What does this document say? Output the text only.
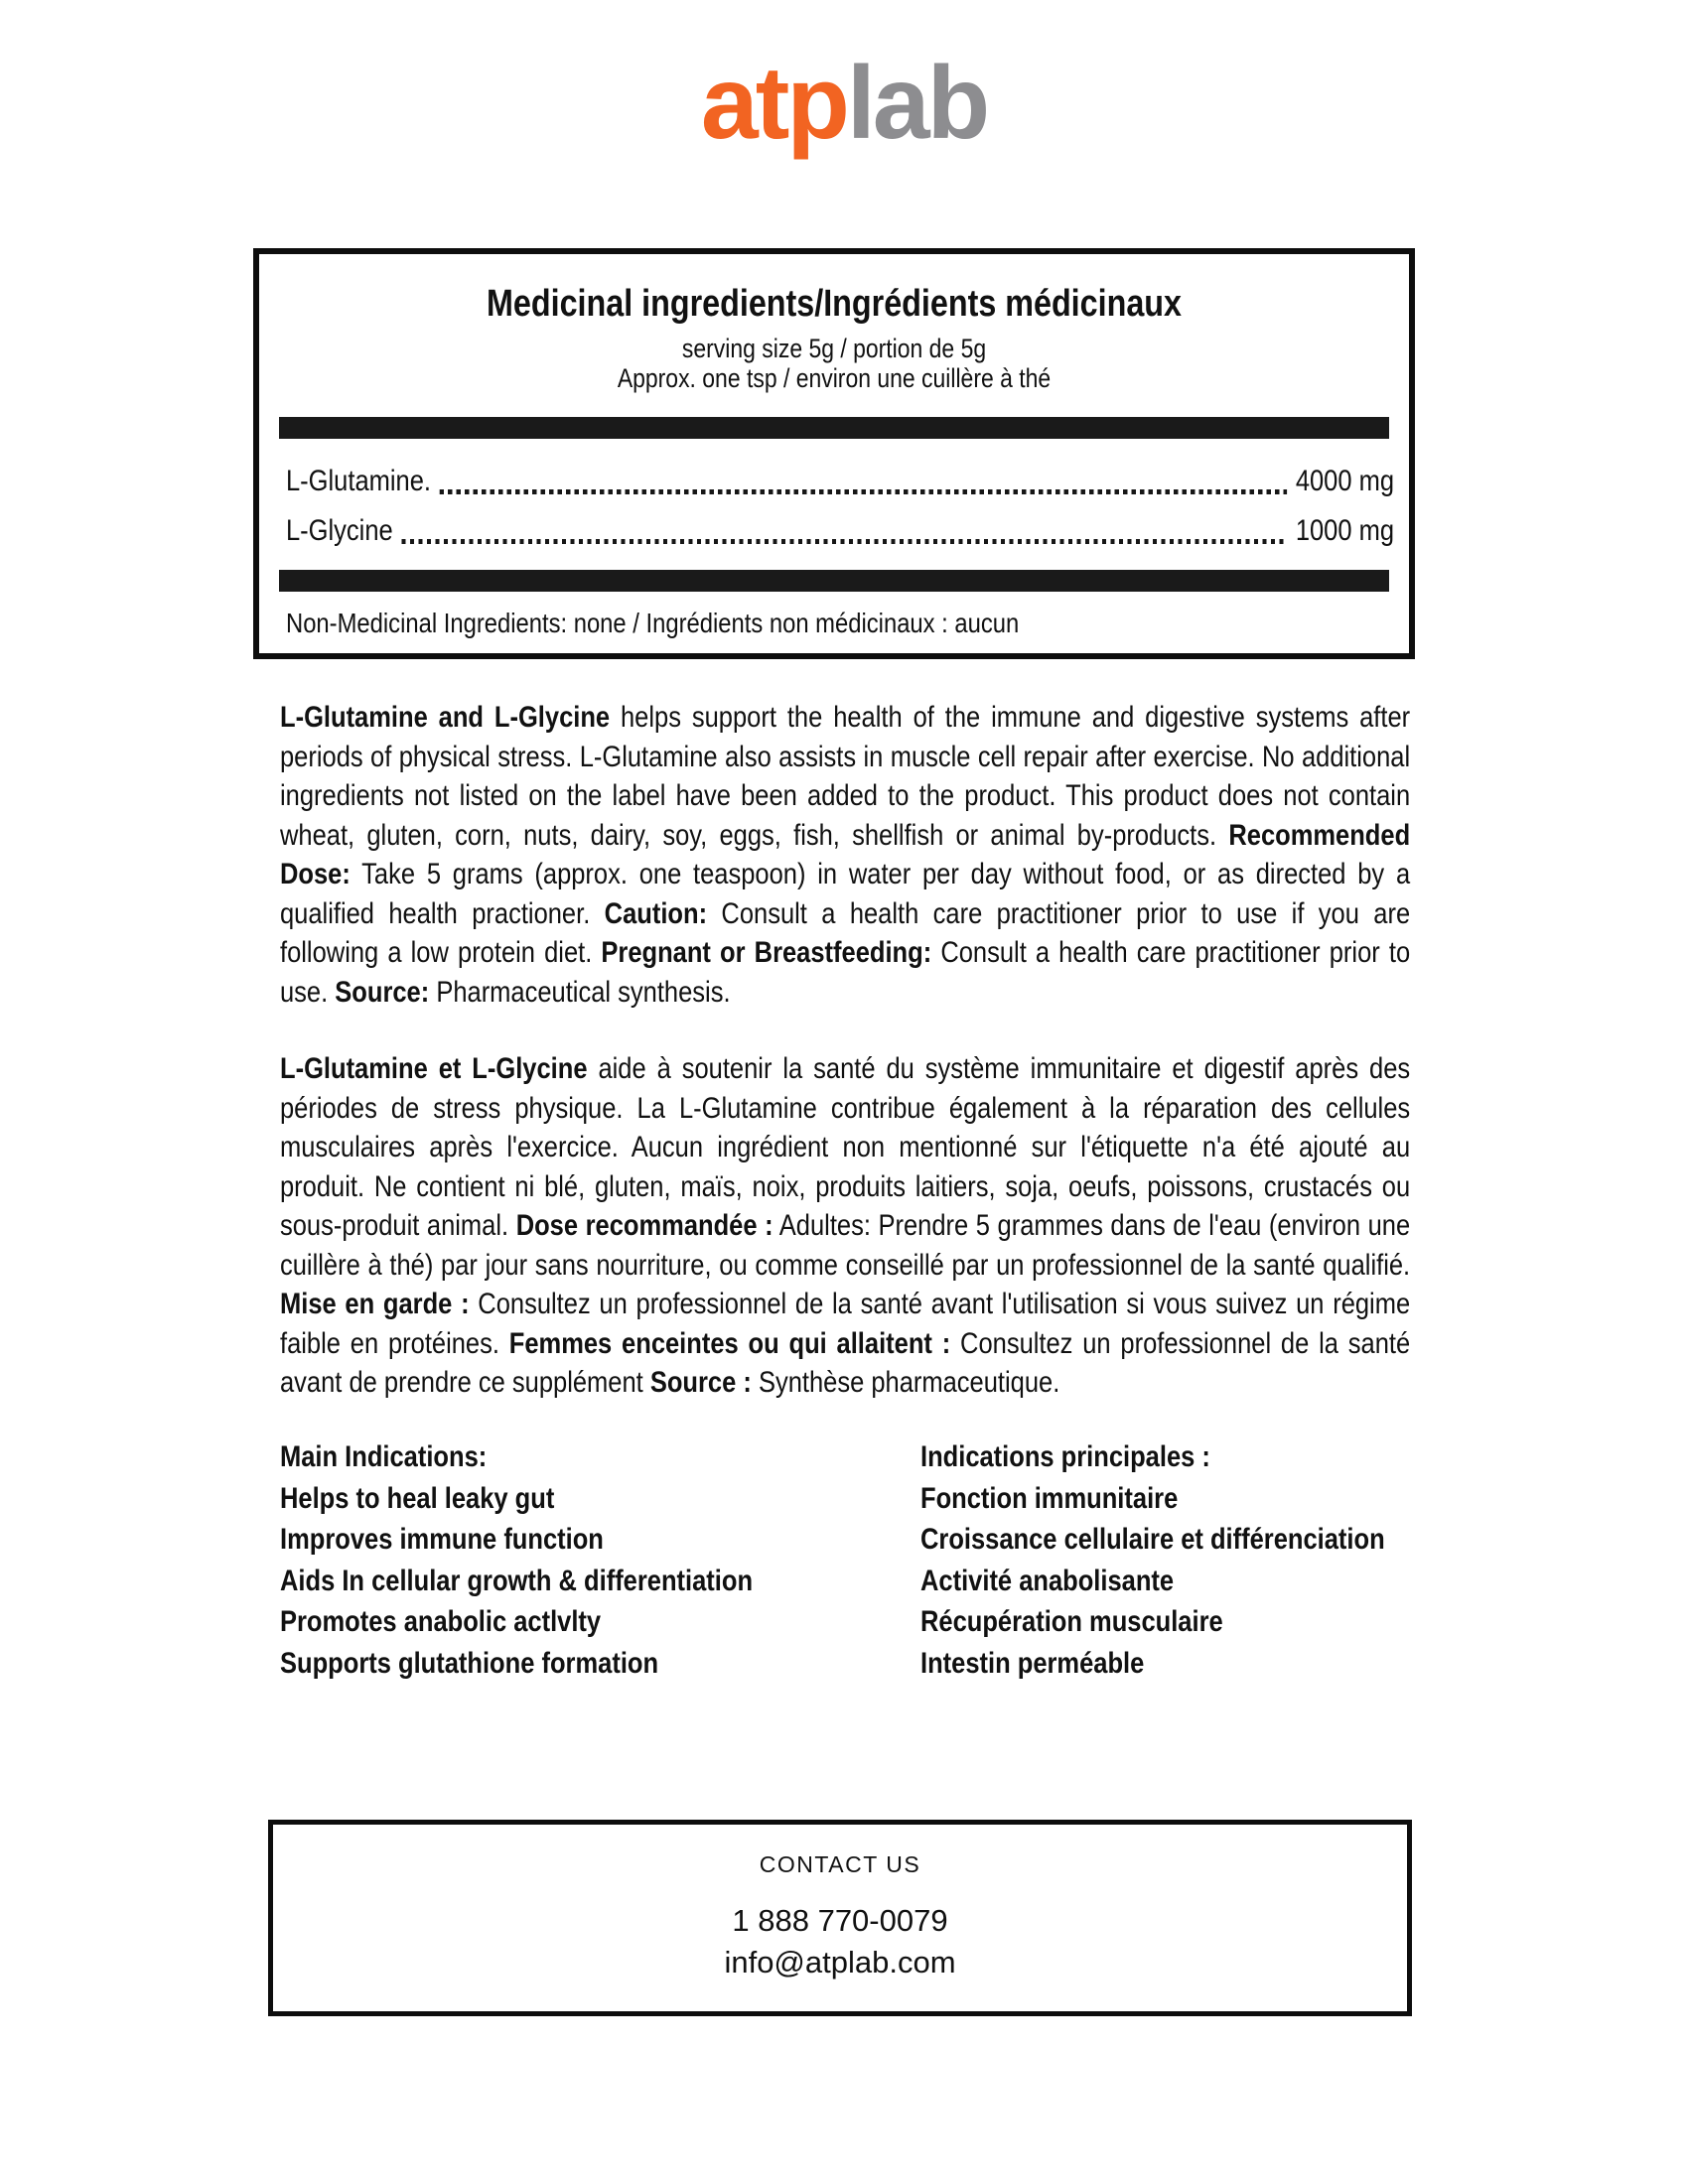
atplab
Medicinal ingredients/Ingrédients médicinaux
serving size 5g / portion de 5g
Approx. one tsp / environ une cuillère à thé
L-Glutamine.	4000 mg
L-Glycine	1000 mg
Non-Medicinal Ingredients: none / Ingrédients non médicinaux : aucun
L-Glutamine and L-Glycine helps support the health of the immune and digestive systems after periods of physical stress. L-Glutamine also assists in muscle cell repair after exercise. No additional ingredients not listed on the label have been added to the product. This product does not contain wheat, gluten, corn, nuts, dairy, soy, eggs, fish, shellfish or animal by-products. Recommended Dose: Take 5 grams (approx. one teaspoon) in water per day without food, or as directed by a qualified health practioner. Caution: Consult a health care practitioner prior to use if you are following a low protein diet. Pregnant or Breastfeeding: Consult a health care practitioner prior to use. Source: Pharmaceutical synthesis.
L-Glutamine et L-Glycine aide à soutenir la santé du système immunitaire et digestif après des périodes de stress physique. La L-Glutamine contribue également à la réparation des cellules musculaires après l'exercice. Aucun ingrédient non mentionné sur l'étiquette n'a été ajouté au produit. Ne contient ni blé, gluten, maïs, noix, produits laitiers, soja, oeufs, poissons, crustacés ou sous-produit animal. Dose recommandée : Adultes: Prendre 5 grammes dans de l'eau (environ une cuillère à thé) par jour sans nourriture, ou comme conseillé par un professionnel de la santé qualifié. Mise en garde : Consultez un professionnel de la santé avant l'utilisation si vous suivez un régime faible en protéines. Femmes enceintes ou qui allaitent : Consultez un professionnel de la santé avant de prendre ce supplément Source : Synthèse pharmaceutique.
Main Indications:
Helps to heal leaky gut
Improves immune function
Aids In cellular growth & differentiation
Promotes anabolic actlvlty
Supports glutathione formation
Indications principales :
Fonction immunitaire
Croissance cellulaire et différenciation
Activité anabolisante
Récupération musculaire
Intestin perméable
CONTACT US
1 888 770-0079
info@atplab.com
